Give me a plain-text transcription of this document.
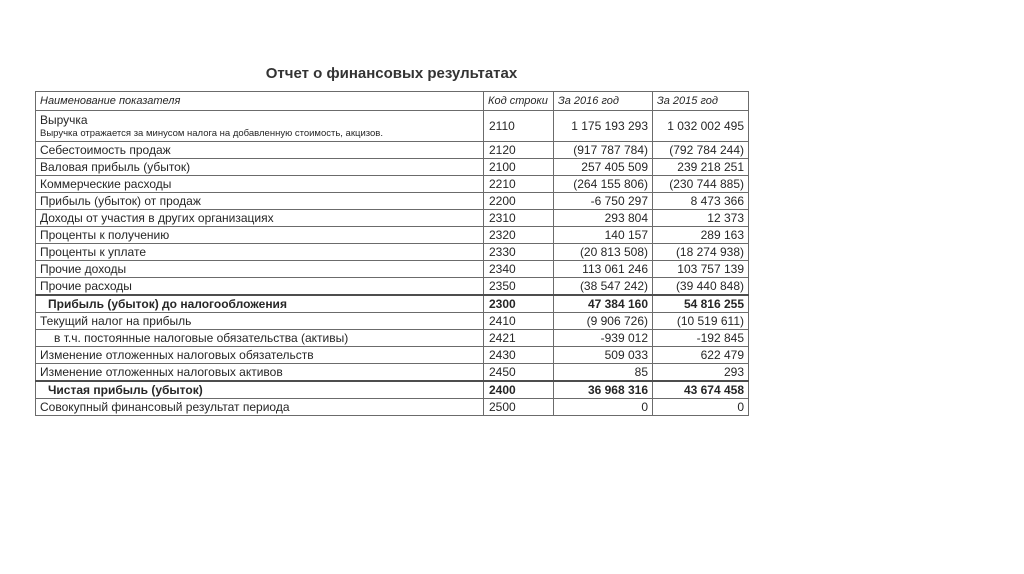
Отчет о финансовых результатах
Наименование показателя	Код строки	За 2016 год	За 2015 год

Выручка
Выручка отражается за минусом налога на добавленную стоимость, акцизов.	2110	1 175 193 293	1 032 002 495

Себестоимость продаж	2120	(917 787 784)	(792 784 244)

Валовая прибыль (убыток)	2100	257 405 509	239 218 251

Коммерческие расходы	2210	(264 155 806)	(230 744 885)

Прибыль (убыток) от продаж	2200	-6 750 297	8 473 366

Доходы от участия в других организациях	2310	293 804	12 373

Проценты к получению	2320	140 157	289 163

Проценты к уплате	2330	(20 813 508)	(18 274 938)

Прочие доходы	2340	113 061 246	103 757 139

Прочие расходы	2350	(38 547 242)	(39 440 848)

Прибыль (убыток) до налогообложения	2300	47 384 160	54 816 255

Текущий налог на прибыль	2410	(9 906 726)	(10 519 611)

в т.ч. постоянные налоговые обязательства (активы)	2421	-939 012	-192 845

Изменение отложенных налоговых обязательств	2430	509 033	622 479

Изменение отложенных налоговых активов	2450	85	293

Чистая прибыль (убыток)	2400	36 968 316	43 674 458

Совокупный финансовый результат периода	2500	0	0
